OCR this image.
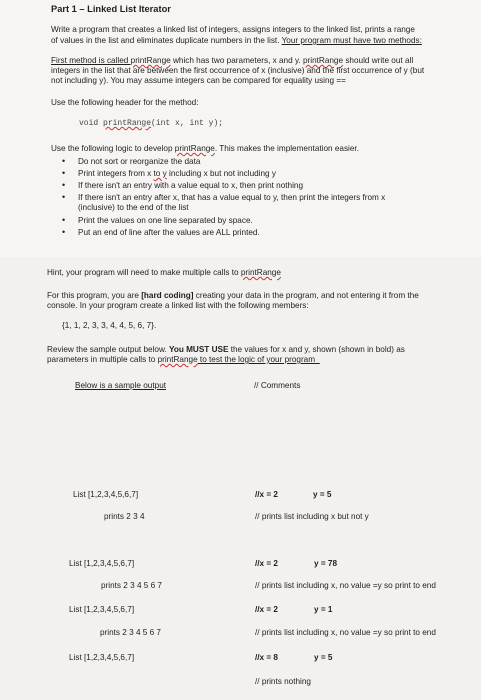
Part 1 – Linked List Iterator
Write a program that creates a linked list of integers, assigns integers to the linked list, prints a range
of values in the list and eliminates duplicate numbers in the list. Your program must have two methods:
First method is called printRange which has two parameters, x and y. printRange should write out all
integers in the list that are between the first occurrence of x (inclusive) and the first occurrence of y (but
not including y). You may assume integers can be compared for equality using ==
Use the following header for the method:
void printRange(int x, int y);
Use the following logic to develop printRange. This makes the implementation easier.
• Do not sort or reorganize the data
• Print integers from x to y including x but not including y
• If there isn't an entry with a value equal to x, then print nothing
• If there isn't an entry after x, that has a value equal to y, then print the integers from x
(inclusive) to the end of the list
• Print the values on one line separated by space.
• Put an end of line after the values are ALL printed.
Hint, your program will need to make multiple calls to printRange
For this program, you are [hard coding] creating your data in the program, and not entering it from the
console. In your program create a linked list with the following members:
{1, 1, 2, 3, 3, 4, 4, 5, 6, 7}.
Review the sample output below. You MUST USE the values for x and y, shown (shown in bold) as
parameters in multiple calls to printRange to test the logic of your program_
Below is a sample output	// Comments
List [1,2,3,4,5,6,7]	//x = 2	y = 5
prints 2 3 4	// prints list including x but not y
List [1,2,3,4,5,6,7]	//x = 2	y = 78
prints 2 3 4 5 6 7	// prints list including x, no value =y so print to end
List [1,2,3,4,5,6,7]	//x = 2	y = 1
prints 2 3 4 5 6 7	// prints list including x, no value =y so print to end
List [1,2,3,4,5,6,7]	//x = 8	y = 5
// prints nothing
